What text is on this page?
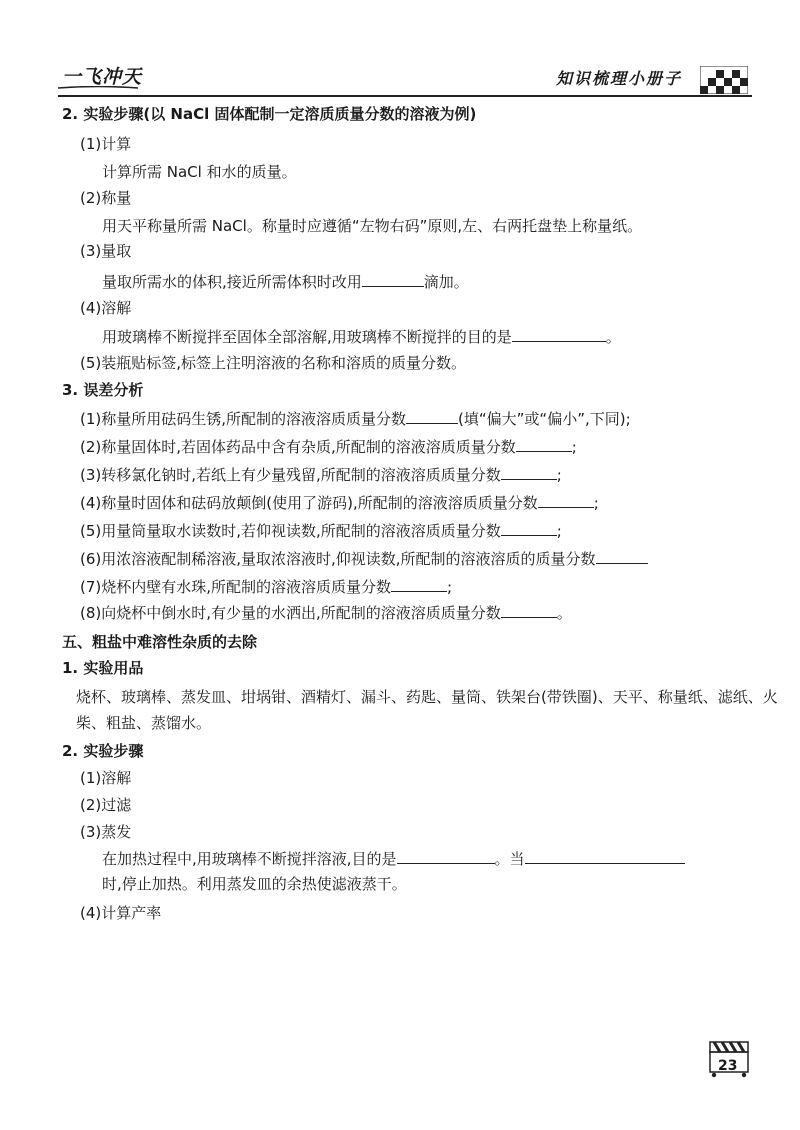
一飞冲天	知识梳理小册子
2. 实验步骤(以 NaCl 固体配制一定溶质质量分数的溶液为例)
(1)计算
计算所需 NaCl 和水的质量。
(2)称量
用天平称量所需 NaCl。称量时应遵循“左物右码”原则,左、右两托盘垫上称量纸。
(3)量取
量取所需水的体积,接近所需体积时改用	滴加。
(4)溶解
用玻璃棒不断搅拌至固体全部溶解,用玻璃棒不断搅拌的目的是	。
(5)装瓶贴标签,标签上注明溶液的名称和溶质的质量分数。
3. 误差分析
(1)称量所用砝码生锈,所配制的溶液溶质质量分数	(填“偏大”或“偏小”,下同);
(2)称量固体时,若固体药品中含有杂质,所配制的溶液溶质质量分数	;
(3)转移氯化钠时,若纸上有少量残留,所配制的溶液溶质质量分数	;
(4)称量时固体和砝码放颠倒(使用了游码),所配制的溶液溶质质量分数	;
(5)用量筒量取水读数时,若仰视读数,所配制的溶液溶质质量分数	;
(6)用浓溶液配制稀溶液,量取浓溶液时,仰视读数,所配制的溶液溶质的质量分数
(7)烧杯内壁有水珠,所配制的溶液溶质质量分数	;
(8)向烧杯中倒水时,有少量的水洒出,所配制的溶液溶质质量分数	。
五、粗盐中难溶性杂质的去除
1. 实验用品
烧杯、玻璃棒、蒸发皿、坩埚钳、酒精灯、漏斗、药匙、量筒、铁架台(带铁圈)、天平、称量纸、滤纸、火
柴、粗盐、蒸馏水。
2. 实验步骤
(1)溶解
(2)过滤
(3)蒸发
在加热过程中,用玻璃棒不断搅拌溶液,目的是	。当
时,停止加热。利用蒸发皿的余热使滤液蒸干。
(4)计算产率
23
